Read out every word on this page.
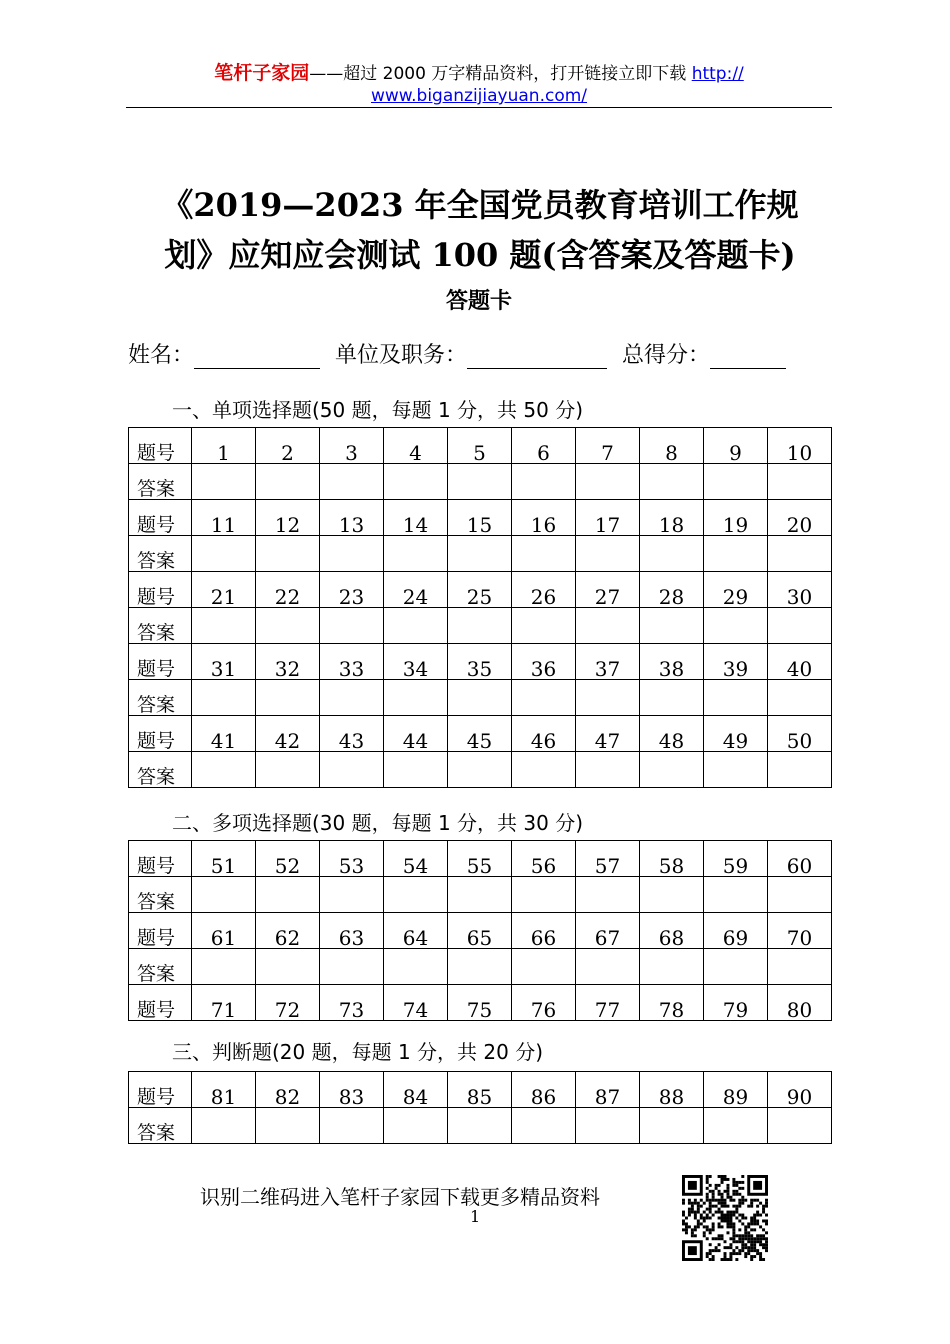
笔杆子家园——超过 2000 万字精品资料，打开链接立即下载 http://
www.biganzijiayuan.com/
《2019—2023 年全国党员教育培训工作规
划》应知应会测试 100 题(含答案及答题卡)
答题卡
姓名：	单位及职务：	总得分：
一、单项选择题(50 题，每题 1 分，共 50 分)
题号	1	2	3	4	5	6	7	8	9	10
答案										
题号	11	12	13	14	15	16	17	18	19	20
答案										
题号	21	22	23	24	25	26	27	28	29	30
答案										
题号	31	32	33	34	35	36	37	38	39	40
答案										
题号	41	42	43	44	45	46	47	48	49	50
答案										
二、多项选择题(30 题，每题 1 分，共 30 分)
题号	51	52	53	54	55	56	57	58	59	60
答案										
题号	61	62	63	64	65	66	67	68	69	70
答案										
题号	71	72	73	74	75	76	77	78	79	80
三、判断题(20 题，每题 1 分，共 20 分)
题号	81	82	83	84	85	86	87	88	89	90
答案										
识别二维码进入笔杆子家园下载更多精品资料
1
